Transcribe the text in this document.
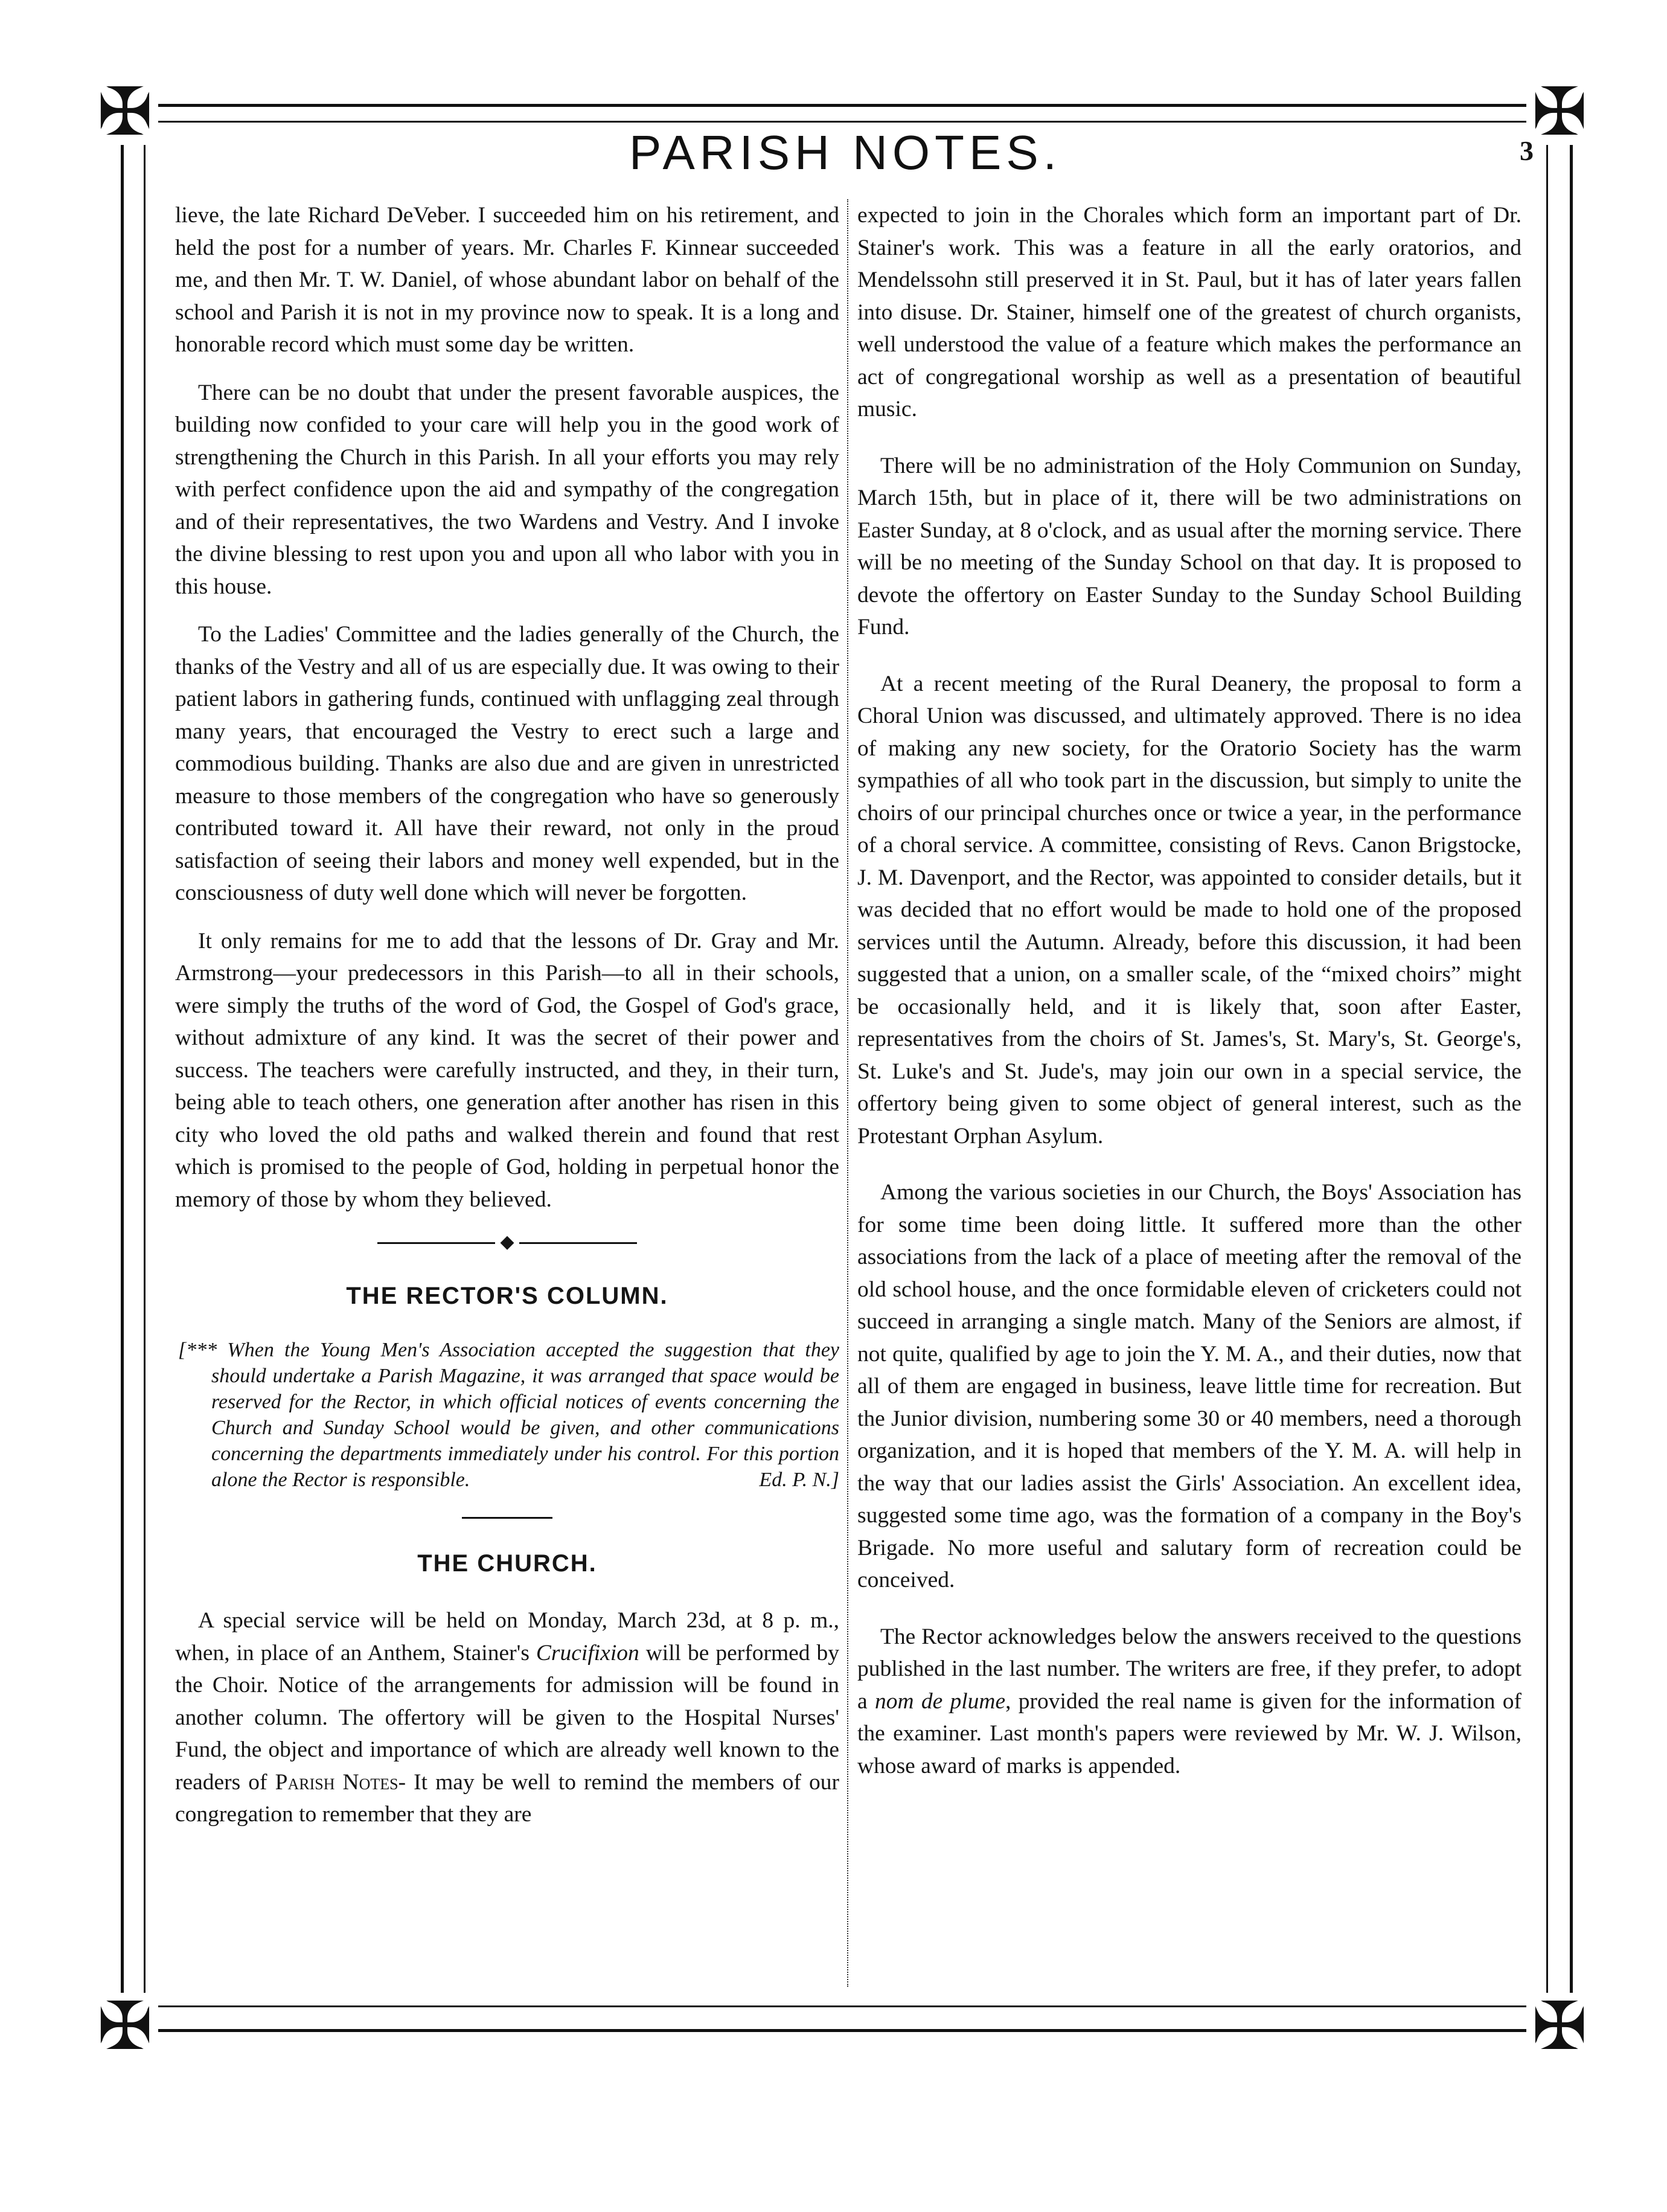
✠	✠
✠	✠
PARISH NOTES.	3

lieve, the late Richard DeVeber. I succeeded him on his retirement, and held the post for a number of years. Mr. Charles F. Kinnear succeeded me, and then Mr. T. W. Daniel, of whose abundant labor on behalf of the school and Parish it is not in my province now to speak. It is a long and honorable record which must some day be written.

There can be no doubt that under the present favorable auspices, the building now confided to your care will help you in the good work of strengthening the Church in this Parish. In all your efforts you may rely with perfect confidence upon the aid and sympathy of the congregation and of their representatives, the two Wardens and Vestry. And I invoke the divine blessing to rest upon you and upon all who labor with you in this house.

To the Ladies' Committee and the ladies generally of the Church, the thanks of the Vestry and all of us are especially due. It was owing to their patient labors in gathering funds, continued with unflagging zeal through many years, that encouraged the Vestry to erect such a large and commodious building. Thanks are also due and are given in unrestricted measure to those members of the congregation who have so generously contributed toward it. All have their reward, not only in the proud satisfaction of seeing their labors and money well expended, but in the consciousness of duty well done which will never be forgotten.

It only remains for me to add that the lessons of Dr. Gray and Mr. Armstrong—your predecessors in this Parish—to all in their schools, were simply the truths of the word of God, the Gospel of God's grace, without admixture of any kind. It was the secret of their power and success. The teachers were carefully instructed, and they, in their turn, being able to teach others, one generation after another has risen in this city who loved the old paths and walked therein and found that rest which is promised to the people of God, holding in perpetual honor the memory of those by whom they believed.

◆
THE RECTOR'S COLUMN.
[*** When the Young Men's Association accepted the suggestion that they should undertake a Parish Magazine, it was arranged that space would be reserved for the Rector, in which official notices of events concerning the Church and Sunday School would be given, and other communications concerning the departments immediately under his control. For this portion alone the Rector is responsible.	Ed. P. N.]
THE CHURCH.

A special service will be held on Monday, March 23d, at 8 p. m., when, in place of an Anthem, Stainer's Crucifixion will be performed by the Choir. Notice of the arrangements for admission will be found in another column. The offertory will be given to the Hospital Nurses' Fund, the object and importance of which are already well known to the readers of Parish Notes- It may be well to remind the members of our congregation to remember that they are

expected to join in the Chorales which form an important part of Dr. Stainer's work. This was a feature in all the early oratorios, and Mendelssohn still preserved it in St. Paul, but it has of later years fallen into disuse. Dr. Stainer, himself one of the greatest of church organists, well understood the value of a feature which makes the performance an act of congregational worship as well as a presentation of beautiful music.

There will be no administration of the Holy Communion on Sunday, March 15th, but in place of it, there will be two administrations on Easter Sunday, at 8 o'clock, and as usual after the morning service. There will be no meeting of the Sunday School on that day. It is proposed to devote the offertory on Easter Sunday to the Sunday School Building Fund.

At a recent meeting of the Rural Deanery, the proposal to form a Choral Union was discussed, and ultimately approved. There is no idea of making any new society, for the Oratorio Society has the warm sympathies of all who took part in the discussion, but simply to unite the choirs of our principal churches once or twice a year, in the performance of a choral service. A committee, consisting of Revs. Canon Brigstocke, J. M. Davenport, and the Rector, was appointed to consider details, but it was decided that no effort would be made to hold one of the proposed services until the Autumn. Already, before this discussion, it had been suggested that a union, on a smaller scale, of the “mixed choirs” might be occasionally held, and it is likely that, soon after Easter, representatives from the choirs of St. James's, St. Mary's, St. George's, St. Luke's and St. Jude's, may join our own in a special service, the offertory being given to some object of general interest, such as the Protestant Orphan Asylum.

Among the various societies in our Church, the Boys' Association has for some time been doing little. It suffered more than the other associations from the lack of a place of meeting after the removal of the old school house, and the once formidable eleven of cricketers could not succeed in arranging a single match. Many of the Seniors are almost, if not quite, qualified by age to join the Y. M. A., and their duties, now that all of them are engaged in business, leave little time for recreation. But the Junior division, numbering some 30 or 40 members, need a thorough organization, and it is hoped that members of the Y. M. A. will help in the way that our ladies assist the Girls' Association. An excellent idea, suggested some time ago, was the formation of a company in the Boy's Brigade. No more useful and salutary form of recreation could be conceived.

The Rector acknowledges below the answers received to the questions published in the last number. The writers are free, if they prefer, to adopt a nom de plume, provided the real name is given for the information of the examiner. Last month's papers were reviewed by Mr. W. J. Wilson, whose award of marks is appended.
